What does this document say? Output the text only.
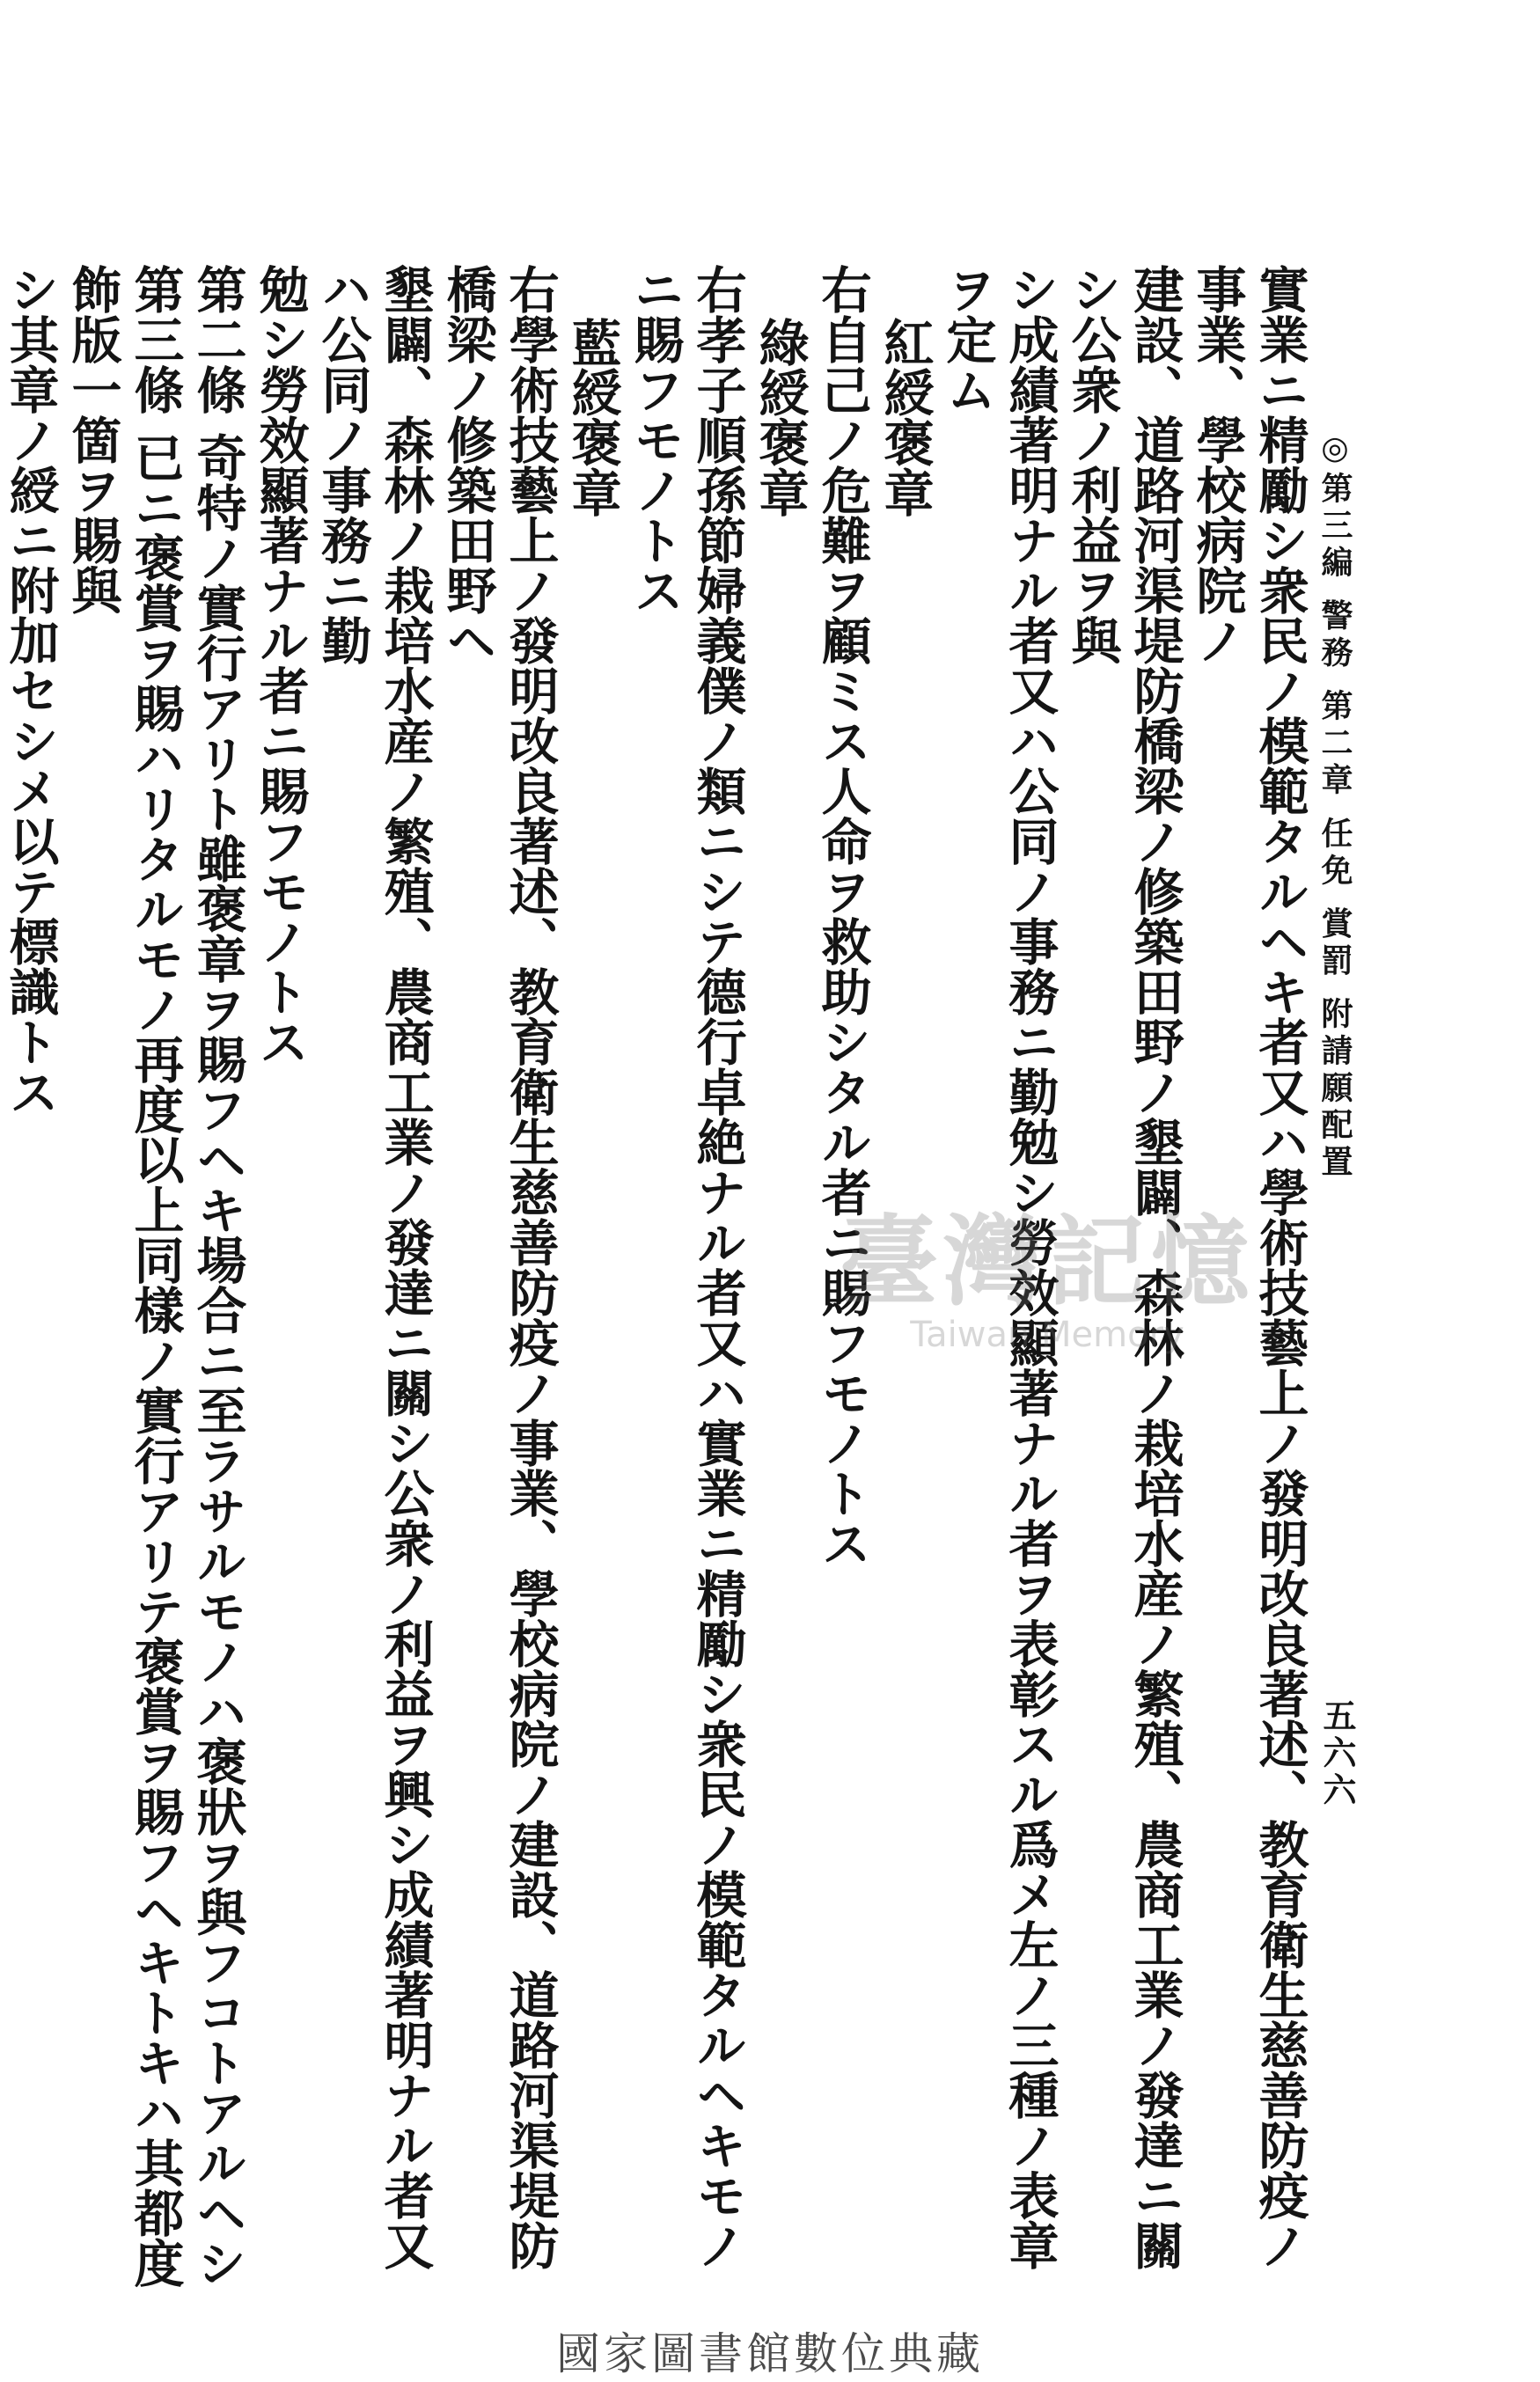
◎第三編 警務 第二章 任免 賞罰 附請願配置
五六六

實業ニ精勵シ衆民ノ模範タルヘキ者又ハ學術技藝上ノ發明改良著述、教育衛生慈善防疫ノ事業、學校病院ノ

建設、道路河渠堤防橋梁ノ修築田野ノ墾闢、森林ノ栽培水産ノ繁殖、農商工業ノ發達ニ關シ公衆ノ利益ヲ與

シ成績著明ナル者又ハ公同ノ事務ニ勤勉シ勞效顯著ナル者ヲ表彰スル爲メ左ノ三種ノ表章ヲ定ム

紅綬褒章

右自己ノ危難ヲ顧ミス人命ヲ救助シタル者ニ賜フモノトス

綠綬褒章

右孝子順孫節婦義僕ノ類ニシテ德行卓絶ナル者又ハ實業ニ精勵シ衆民ノ模範タルヘキモノニ賜フモノトス

藍綬褒章

右學術技藝上ノ發明改良著述、教育衛生慈善防疫ノ事業、學校病院ノ建設、道路河渠堤防橋梁ノ修築田野ヘ

墾闢、森林ノ栽培水産ノ繁殖、農商工業ノ發達ニ關シ公衆ノ利益ヲ興シ成績著明ナル者又ハ公同ノ事務ニ勤

勉シ勞效顯著ナル者ニ賜フモノトス

第二條 奇特ノ實行アリト雖褒章ヲ賜フヘキ場合ニ至ラサルモノハ褒狀ヲ與フコトアルヘシ

第三條 已ニ褒賞ヲ賜ハリタルモノ再度以上同樣ノ實行アリテ褒賞ヲ賜フヘキトキハ其都度飾版一箇ヲ賜與

シ其章ノ綬ニ附加セシメ以テ標識トス

臺灣記憶
Taiwan Memory
國家圖書館數位典藏
